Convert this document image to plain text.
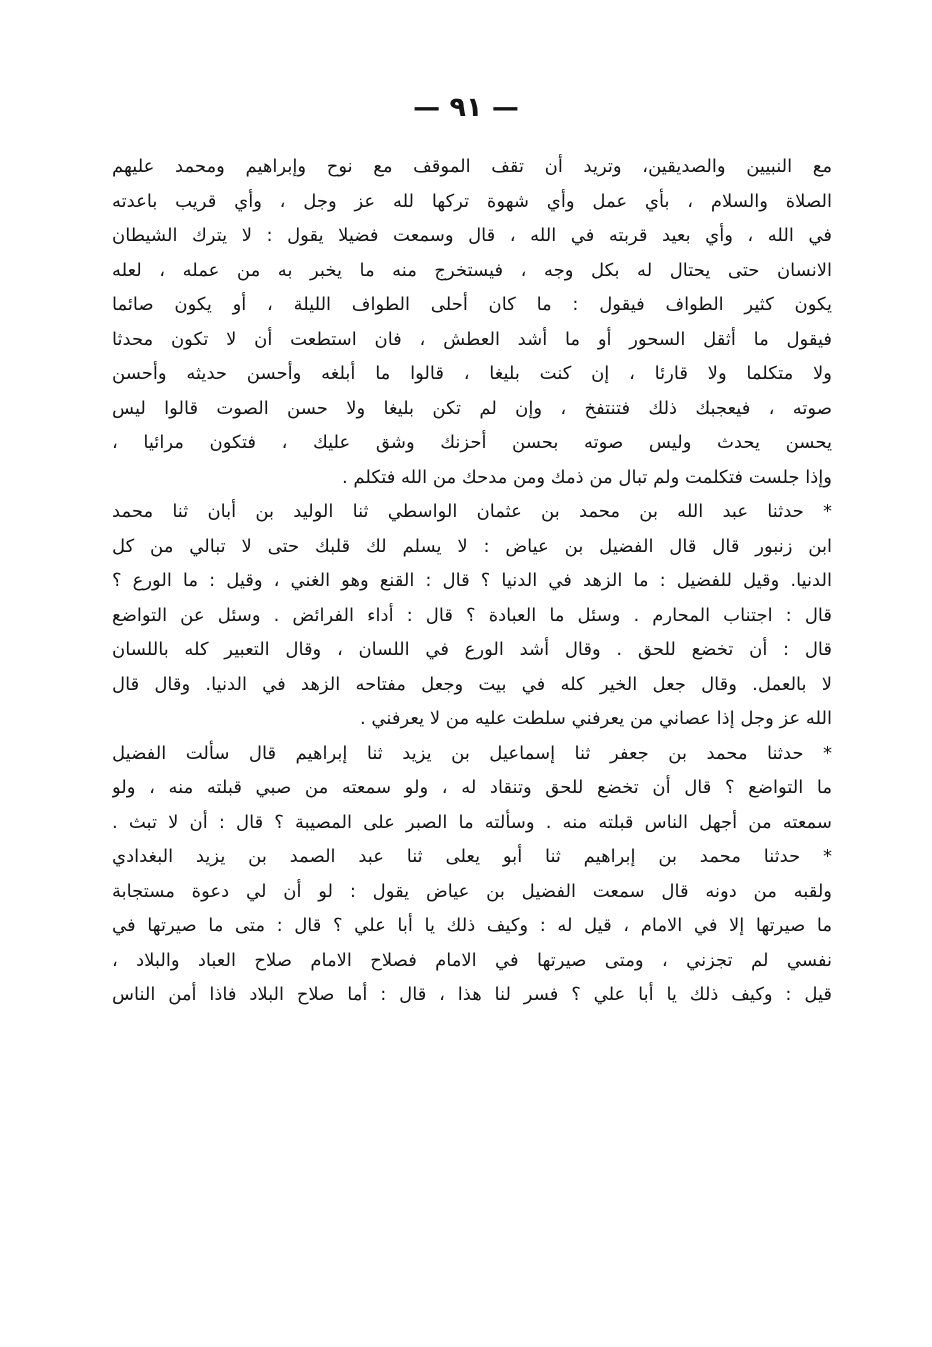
— ٩١ —
مع النبيين والصديقين، وتريد أن تقف الموقف مع نوح وإبراهيم ومحمد عليهم
الصلاة والسلام ، بأي عمل وأي شهوة تركها لله عز وجل ، وأي قريب باعدته
في الله ، وأي بعيد قربته في الله ، قال وسمعت فضيلا يقول : لا يترك الشيطان
الانسان حتى يحتال له بكل وجه ، فيستخرج منه ما يخبر به من عمله ، لعله
يكون كثير الطواف فيقول : ما كان أحلى الطواف الليلة ، أو يكون صائما
فيقول ما أثقل السحور أو ما أشد العطش ، فان استطعت أن لا تكون محدثا
ولا متكلما ولا قارئا ، إن كنت بليغا ، قالوا ما أبلغه وأحسن حديثه وأحسن
صوته ، فيعجبك ذلك فتنتفخ ، وإن لم تكن بليغا ولا حسن الصوت قالوا ليس
يحسن يحدث وليس صوته بحسن أحزنك وشق عليك ، فتكون مرائيا ،
وإذا جلست فتكلمت ولم تبال من ذمك ومن مدحك من الله فتكلم .
* حدثنا عبد الله بن محمد بن عثمان الواسطي ثنا الوليد بن أبان ثنا محمد
ابن زنبور قال قال الفضيل بن عياض : لا يسلم لك قلبك حتى لا تبالي من كل
الدنيا. وقيل للفضيل : ما الزهد في الدنيا ؟ قال : القنع وهو الغني ، وقيل : ما الورع ؟
قال : اجتناب المحارم . وسئل ما العبادة ؟ قال : أداء الفرائض . وسئل عن التواضع
قال : أن تخضع للحق . وقال أشد الورع في اللسان ، وقال التعبير كله باللسان
لا بالعمل. وقال جعل الخير كله في بيت وجعل مفتاحه الزهد في الدنيا. وقال قال
الله عز وجل إذا عصاني من يعرفني سلطت عليه من لا يعرفني .
* حدثنا محمد بن جعفر ثنا إسماعيل بن يزيد ثنا إبراهيم قال سألت الفضيل
ما التواضع ؟ قال أن تخضع للحق وتنقاد له ، ولو سمعته من صبي قبلته منه ، ولو
سمعته من أجهل الناس قبلته منه . وسألته ما الصبر على المصيبة ؟ قال : أن لا تبث .
* حدثنا محمد بن إبراهيم ثنا أبو يعلى ثنا عبد الصمد بن يزيد البغدادي
ولقبه من دونه قال سمعت الفضيل بن عياض يقول : لو أن لي دعوة مستجابة
ما صيرتها إلا في الامام ، قيل له : وكيف ذلك يا أبا علي ؟ قال : متى ما صيرتها في
نفسي لم تجزني ، ومتى صيرتها في الامام فصلاح الامام صلاح العباد والبلاد ،
قيل : وكيف ذلك يا أبا علي ؟ فسر لنا هذا ، قال : أما صلاح البلاد فاذا أمن الناس
